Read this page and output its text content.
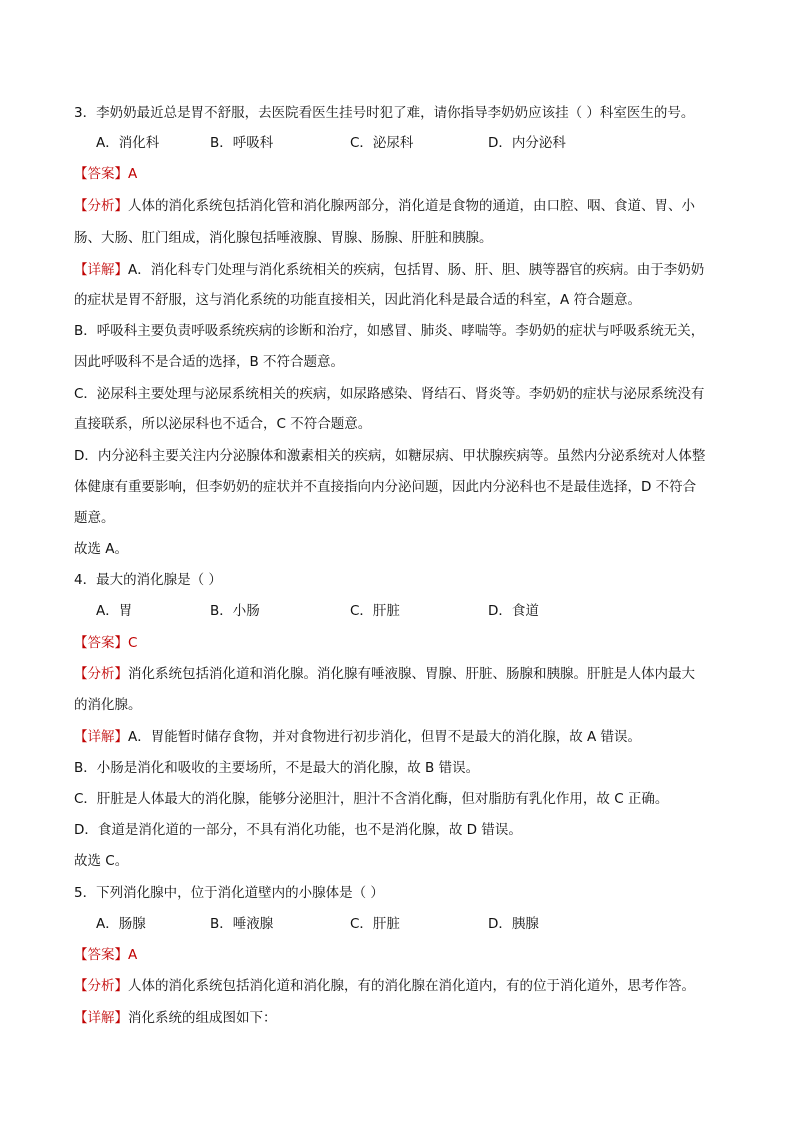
3．李奶奶最近总是胃不舒服，去医院看医生挂号时犯了难，请你指导李奶奶应该挂（ ）科室医生的号。
A．消化科	B．呼吸科	C．泌尿科	D．内分泌科
【答案】A
【分析】人体的消化系统包括消化管和消化腺两部分，消化道是食物的通道，由口腔、咽、食道、胃、小
肠、大肠、肛门组成，消化腺包括唾液腺、胃腺、肠腺、肝脏和胰腺。
【详解】A．消化科专门处理与消化系统相关的疾病，包括胃、肠、肝、胆、胰等器官的疾病。由于李奶奶
的症状是胃不舒服，这与消化系统的功能直接相关，因此消化科是最合适的科室，A 符合题意。
B．呼吸科主要负责呼吸系统疾病的诊断和治疗，如感冒、肺炎、哮喘等。李奶奶的症状与呼吸系统无关，
因此呼吸科不是合适的选择，B 不符合题意。
C．泌尿科主要处理与泌尿系统相关的疾病，如尿路感染、肾结石、肾炎等。李奶奶的症状与泌尿系统没有
直接联系，所以泌尿科也不适合，C 不符合题意。
D．内分泌科主要关注内分泌腺体和激素相关的疾病，如糖尿病、甲状腺疾病等。虽然内分泌系统对人体整
体健康有重要影响，但李奶奶的症状并不直接指向内分泌问题，因此内分泌科也不是最佳选择，D 不符合
题意。
故选 A。
4．最大的消化腺是（ ）
A．胃	B．小肠	C．肝脏	D．食道
【答案】C
【分析】消化系统包括消化道和消化腺。消化腺有唾液腺、胃腺、肝脏、肠腺和胰腺。肝脏是人体内最大
的消化腺。
【详解】A．胃能暂时储存食物，并对食物进行初步消化，但胃不是最大的消化腺，故 A 错误。
B．小肠是消化和吸收的主要场所，不是最大的消化腺，故 B 错误。
C．肝脏是人体最大的消化腺，能够分泌胆汁，胆汁不含消化酶，但对脂肪有乳化作用，故 C 正确。
D．食道是消化道的一部分，不具有消化功能，也不是消化腺，故 D 错误。
故选 C。
5．下列消化腺中，位于消化道壁内的小腺体是（ ）
A．肠腺	B．唾液腺	C．肝脏	D．胰腺
【答案】A
【分析】人体的消化系统包括消化道和消化腺，有的消化腺在消化道内，有的位于消化道外，思考作答。
【详解】消化系统的组成图如下：
